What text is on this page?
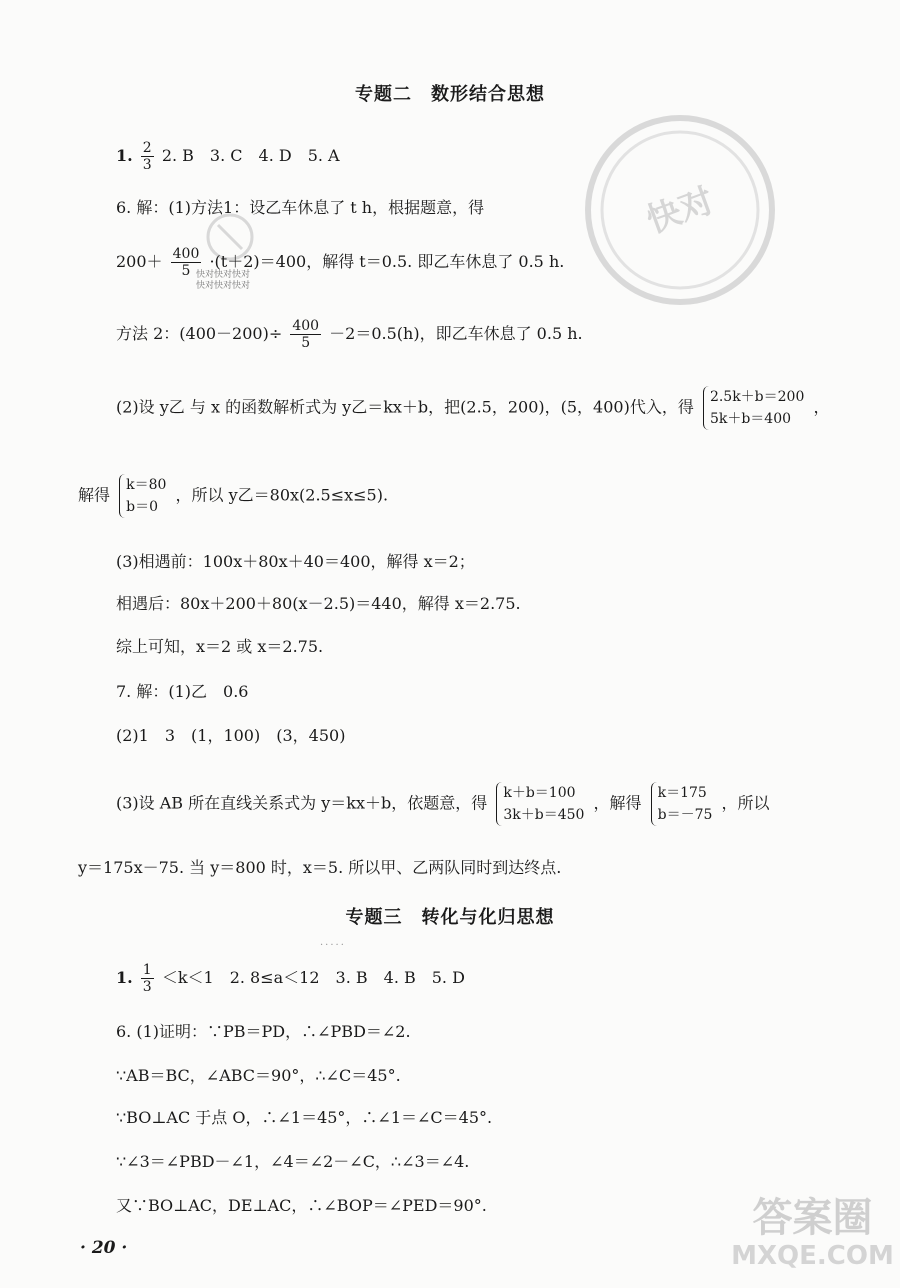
快对
快对快对快对
快对快对快对
答案圈
MXQE.COM
专题二　数形结合思想
1. $\frac{2}{3} 2$. B　3. C　4. D　5. A
6. 解：(1)方法1：设乙车休息了 t h，根据题意，得
$200+ \frac{400}{5} \cdot(t+2)=400$，解得 t＝0.5. 即乙车休息了 0.5 h.
方法 2：$(400-200)\div \frac{400}{5} -2=0.5(h)$，即乙车休息了 0.5 h.
(2)设 y乙 与 x 的函数解析式为 y乙＝kx＋b，把(2.5，200)，(5，400)代入，得
2.5k＋b＝200
5k＋b＝400
，
解得
k＝80
b＝0
，所以 y乙＝80x(2.5≤x≤5).
(3)相遇前：100x＋80x＋40＝400，解得 x＝2；
相遇后：80x＋200＋80(x－2.5)＝440，解得 x＝2.75.
综上可知，x＝2 或 x＝2.75.
7. 解：(1)乙　0.6
(2)1　3　(1，100)　(3，450)
(3)设 AB 所在直线关系式为 y＝kx＋b，依题意，得
k＋b＝100
3k＋b＝450
，解得
k＝175
b＝－75
，所以
y＝175x－75. 当 y＝800 时，x＝5. 所以甲、乙两队同时到达终点.
专题三　转化与化归思想
·····
1. $\frac{1}{3} <k<1$　2. 8≤a＜12　3. B　4. B　5. D
6. (1)证明：∵PB＝PD，∴∠PBD＝∠2.
∵AB＝BC，∠ABC＝90°，∴∠C＝45°.
∵BO⊥AC 于点 O，∴∠1＝45°，∴∠1＝∠C＝45°.
∵∠3＝∠PBD－∠1，∠4＝∠2－∠C，∴∠3＝∠4.
又∵BO⊥AC，DE⊥AC，∴∠BOP＝∠PED＝90°.
· 20 ·
